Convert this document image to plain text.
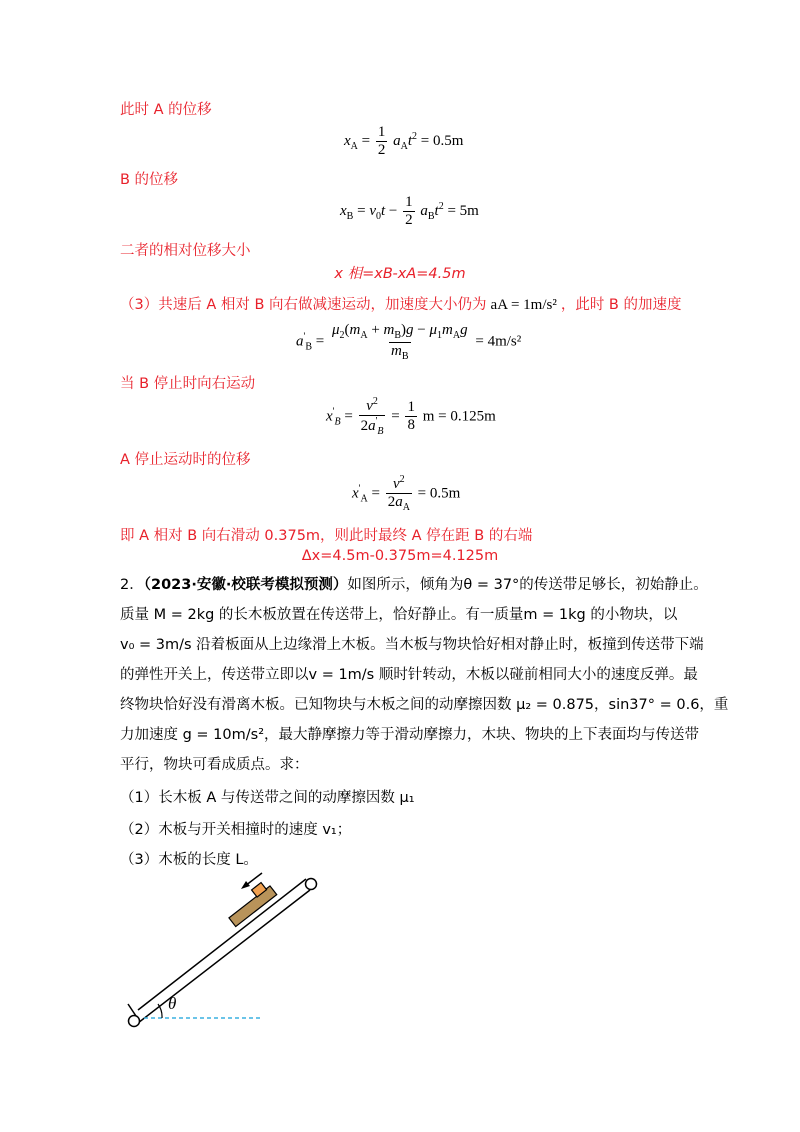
此时 A 的位移
$x_A = \frac{1}{2} a_At^2 = 0.5m$
B 的位移
$x_B = v_0t - \frac{1}{2} a_Bt^2 = 5m$
二者的相对位移大小
x 相=xB-xA=4.5m
（3）共速后 A 相对 B 向右做减速运动，加速度大小仍为 aA = 1m/s² ，此时 B 的加速度
$a'_B = \frac{\mu_2(m_A + m_B)g - \mu_1m_Ag}{m_B} = 4m/s^2$
当 B 停止时向右运动
$x'_B = \frac{v^2}{2a'_B} = \frac{1}{8}$ m = 0.125m
A 停止运动时的位移
$x'_A = \frac{v^2}{2a_A} = 0.5m$
即 A 相对 B 向右滑动 0.375m，则此时最终 A 停在距 B 的右端
Δx=4.5m-0.375m=4.125m
2．（2023·安徽·校联考模拟预测）如图所示，倾角为θ = 37°的传送带足够长，初始静止。
质量 M = 2kg 的长木板放置在传送带上，恰好静止。有一质量m = 1kg 的小物块，以
v₀ = 3m/s 沿着板面从上边缘滑上木板。当木板与物块恰好相对静止时，板撞到传送带下端
的弹性开关上，传送带立即以v = 1m/s 顺时针转动，木板以碰前相同大小的速度反弹。最
终物块恰好没有滑离木板。已知物块与木板之间的动摩擦因数 μ₂ = 0.875，sin37° = 0.6，重
力加速度 g = 10m/s²，最大静摩擦力等于滑动摩擦力，木块、物块的上下表面均与传送带
平行，物块可看成质点。求：
（1）长木板 A 与传送带之间的动摩擦因数 μ₁
（2）木板与开关相撞时的速度 v₁；
（3）木板的长度 L。
θ
